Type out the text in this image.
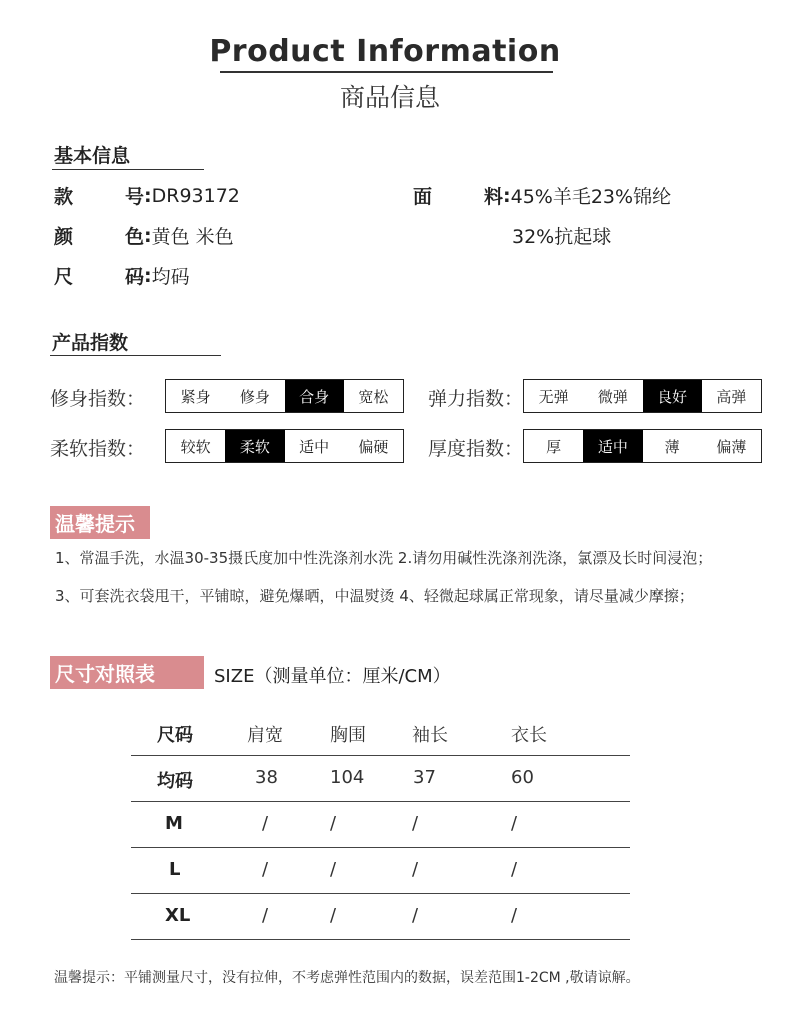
Product Information
商品信息
基本信息
款	号 : DR93172
颜	色 : 黄色 米色
尺	码 : 均码
面	料 : 45%羊毛23%锦纶
32%抗起球
产品指数
修身指数：	紧身	修身	合身	宽松	弹力指数：	无弹	微弹	良好	高弹
柔软指数：	较软	柔软	适中	偏硬	厚度指数：	厚	适中	薄	偏薄
温馨提示
1、常温手洗，水温30-35摄氏度加中性洗涤剂水洗 2.请勿用碱性洗涤剂洗涤，氯漂及长时间浸泡；
3、可套洗衣袋甩干，平铺晾，避免爆晒，中温熨烫 4、轻微起球属正常现象，请尽量减少摩擦；
尺寸对照表	SIZE（测量单位：厘米/CM）
尺码	肩宽	胸围	袖长	衣长
均码	38	104	37	60
M	/	/	/	/
L	/	/	/	/
XL	/	/	/	/
温馨提示：平铺测量尺寸，没有拉伸，不考虑弹性范围内的数据，误差范围1-2CM ,敬请谅解。
